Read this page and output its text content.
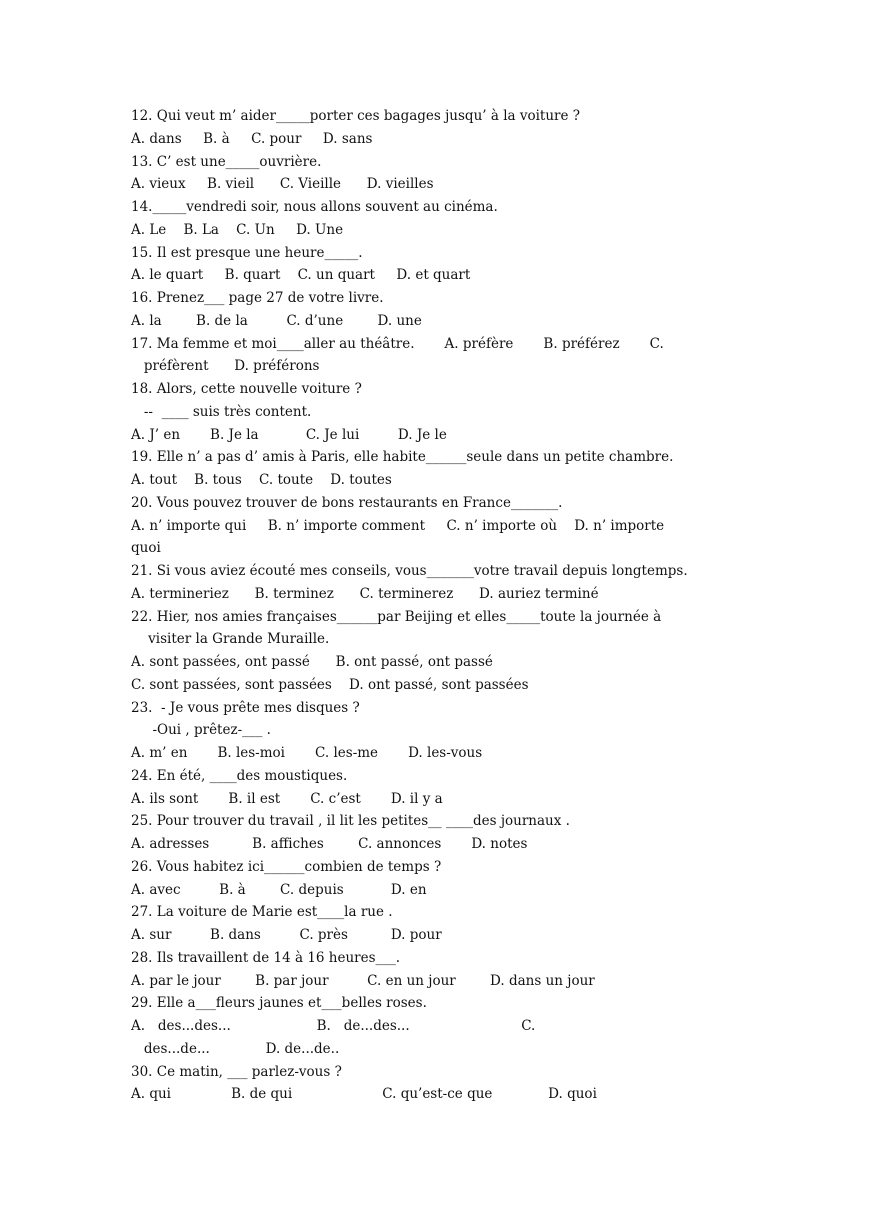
12. Qui veut m’ aider_____porter ces bagages jusqu’ à la voiture ?
A. dans     B. à     C. pour     D. sans
13. C’ est une_____ouvrière.
A. vieux     B. vieil      C. Vieille      D. vieilles
14._____vendredi soir, nous allons souvent au cinéma.
A. Le    B. La    C. Un     D. Une
15. Il est presque une heure_____.
A. le quart     B. quart    C. un quart     D. et quart
16. Prenez___ page 27 de votre livre.
A. la        B. de la         C. d’une        D. une
17. Ma femme et moi____aller au théâtre.       A. préfère       B. préférez       C.
préfèrent      D. préférons
18. Alors, cette nouvelle voiture ?
--  ____ suis très content.
A. J’ en       B. Je la           C. Je lui         D. Je le
19. Elle n’ a pas d’ amis à Paris, elle habite______seule dans un petite chambre.
A. tout    B. tous    C. toute    D. toutes
20. Vous pouvez trouver de bons restaurants en France_______.
A. n’ importe qui     B. n’ importe comment     C. n’ importe où    D. n’ importe
quoi
21. Si vous aviez écouté mes conseils, vous_______votre travail depuis longtemps.
A. termineriez      B. terminez      C. terminerez      D. auriez terminé
22. Hier, nos amies françaises______par Beijing et elles_____toute la journée à
visiter la Grande Muraille.
A. sont passées, ont passé      B. ont passé, ont passé
C. sont passées, sont passées    D. ont passé, sont passées
23.  - Je vous prête mes disques ?
-Oui , prêtez-___ .
A. m’ en       B. les-moi       C. les-me       D. les-vous
24. En été, ____des moustiques.
A. ils sont       B. il est       C. c’est       D. il y a
25. Pour trouver du travail , il lit les petites__ ____des journaux .
A. adresses          B. affiches        C. annonces       D. notes
26. Vous habitez ici______combien de temps ?
A. avec         B. à        C. depuis           D. en
27. La voiture de Marie est____la rue .
A. sur         B. dans         C. près          D. pour
28. Ils travaillent de 14 à 16 heures___.
A. par le jour        B. par jour         C. en un jour        D. dans un jour
29. Elle a___fleurs jaunes et___belles roses.
A.   des...des...                    B.   de...des...                          C.
des...de...             D. de...de..
30. Ce matin, ___ parlez-vous ?
A. qui              B. de qui                     C. qu’est-ce que             D. quoi
